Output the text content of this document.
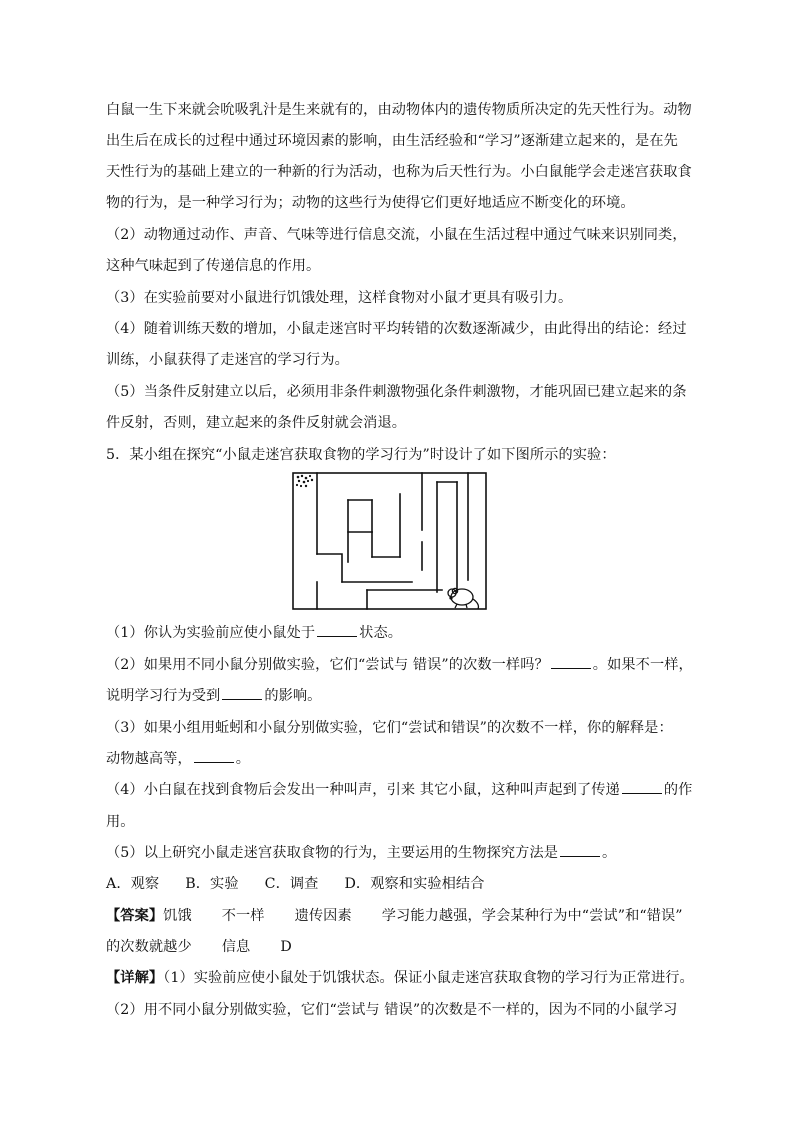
白鼠一生下来就会吮吸乳汁是生来就有的，由动物体内的遗传物质所决定的先天性行为。动物
出生后在成长的过程中通过环境因素的影响，由生活经验和“学习”逐渐建立起来的，是在先
天性行为的基础上建立的一种新的行为活动，也称为后天性行为。小白鼠能学会走迷宫获取食
物的行为，是一种学习行为；动物的这些行为使得它们更好地适应不断变化的环境。
（2）动物通过动作、声音、气味等进行信息交流，小鼠在生活过程中通过气味来识别同类，
这种气味起到了传递信息的作用。
（3）在实验前要对小鼠进行饥饿处理，这样食物对小鼠才更具有吸引力。
（4）随着训练天数的增加，小鼠走迷宫时平均转错的次数逐渐减少，由此得出的结论：经过
训练，小鼠获得了走迷宫的学习行为。
（5）当条件反射建立以后，必须用非条件刺激物强化条件刺激物，才能巩固已建立起来的条
件反射，否则，建立起来的条件反射就会消退。
5．某小组在探究“小鼠走迷宫获取食物的学习行为”时设计了如下图所示的实验：
（1）你认为实验前应使小鼠处于	状态。
（2）如果用不同小鼠分别做实验，它们“尝试与 错误”的次数一样吗？	。如果不一样，
说明学习行为受到	的影响。
（3）如果小组用蚯蚓和小鼠分别做实验，它们“尝试和错误”的次数不一样，你的解释是：
动物越高等，	。
（4）小白鼠在找到食物后会发出一种叫声，引来 其它小鼠，这种叫声起到了传递	的作
用。
（5）以上研究小鼠走迷宫获取食物的行为，主要运用的生物探究方法是	。
A．观察 B．实验 C．调查 D．观察和实验相结合
【答案】饥饿 不一样 遗传因素 学习能力越强，学会某种行为中“尝试”和“错误”
的次数就越少 信息 D
【详解】（1）实验前应使小鼠处于饥饿状态。保证小鼠走迷宫获取食物的学习行为正常进行。
（2）用不同小鼠分别做实验，它们“尝试与 错误”的次数是不一样的，因为不同的小鼠学习
